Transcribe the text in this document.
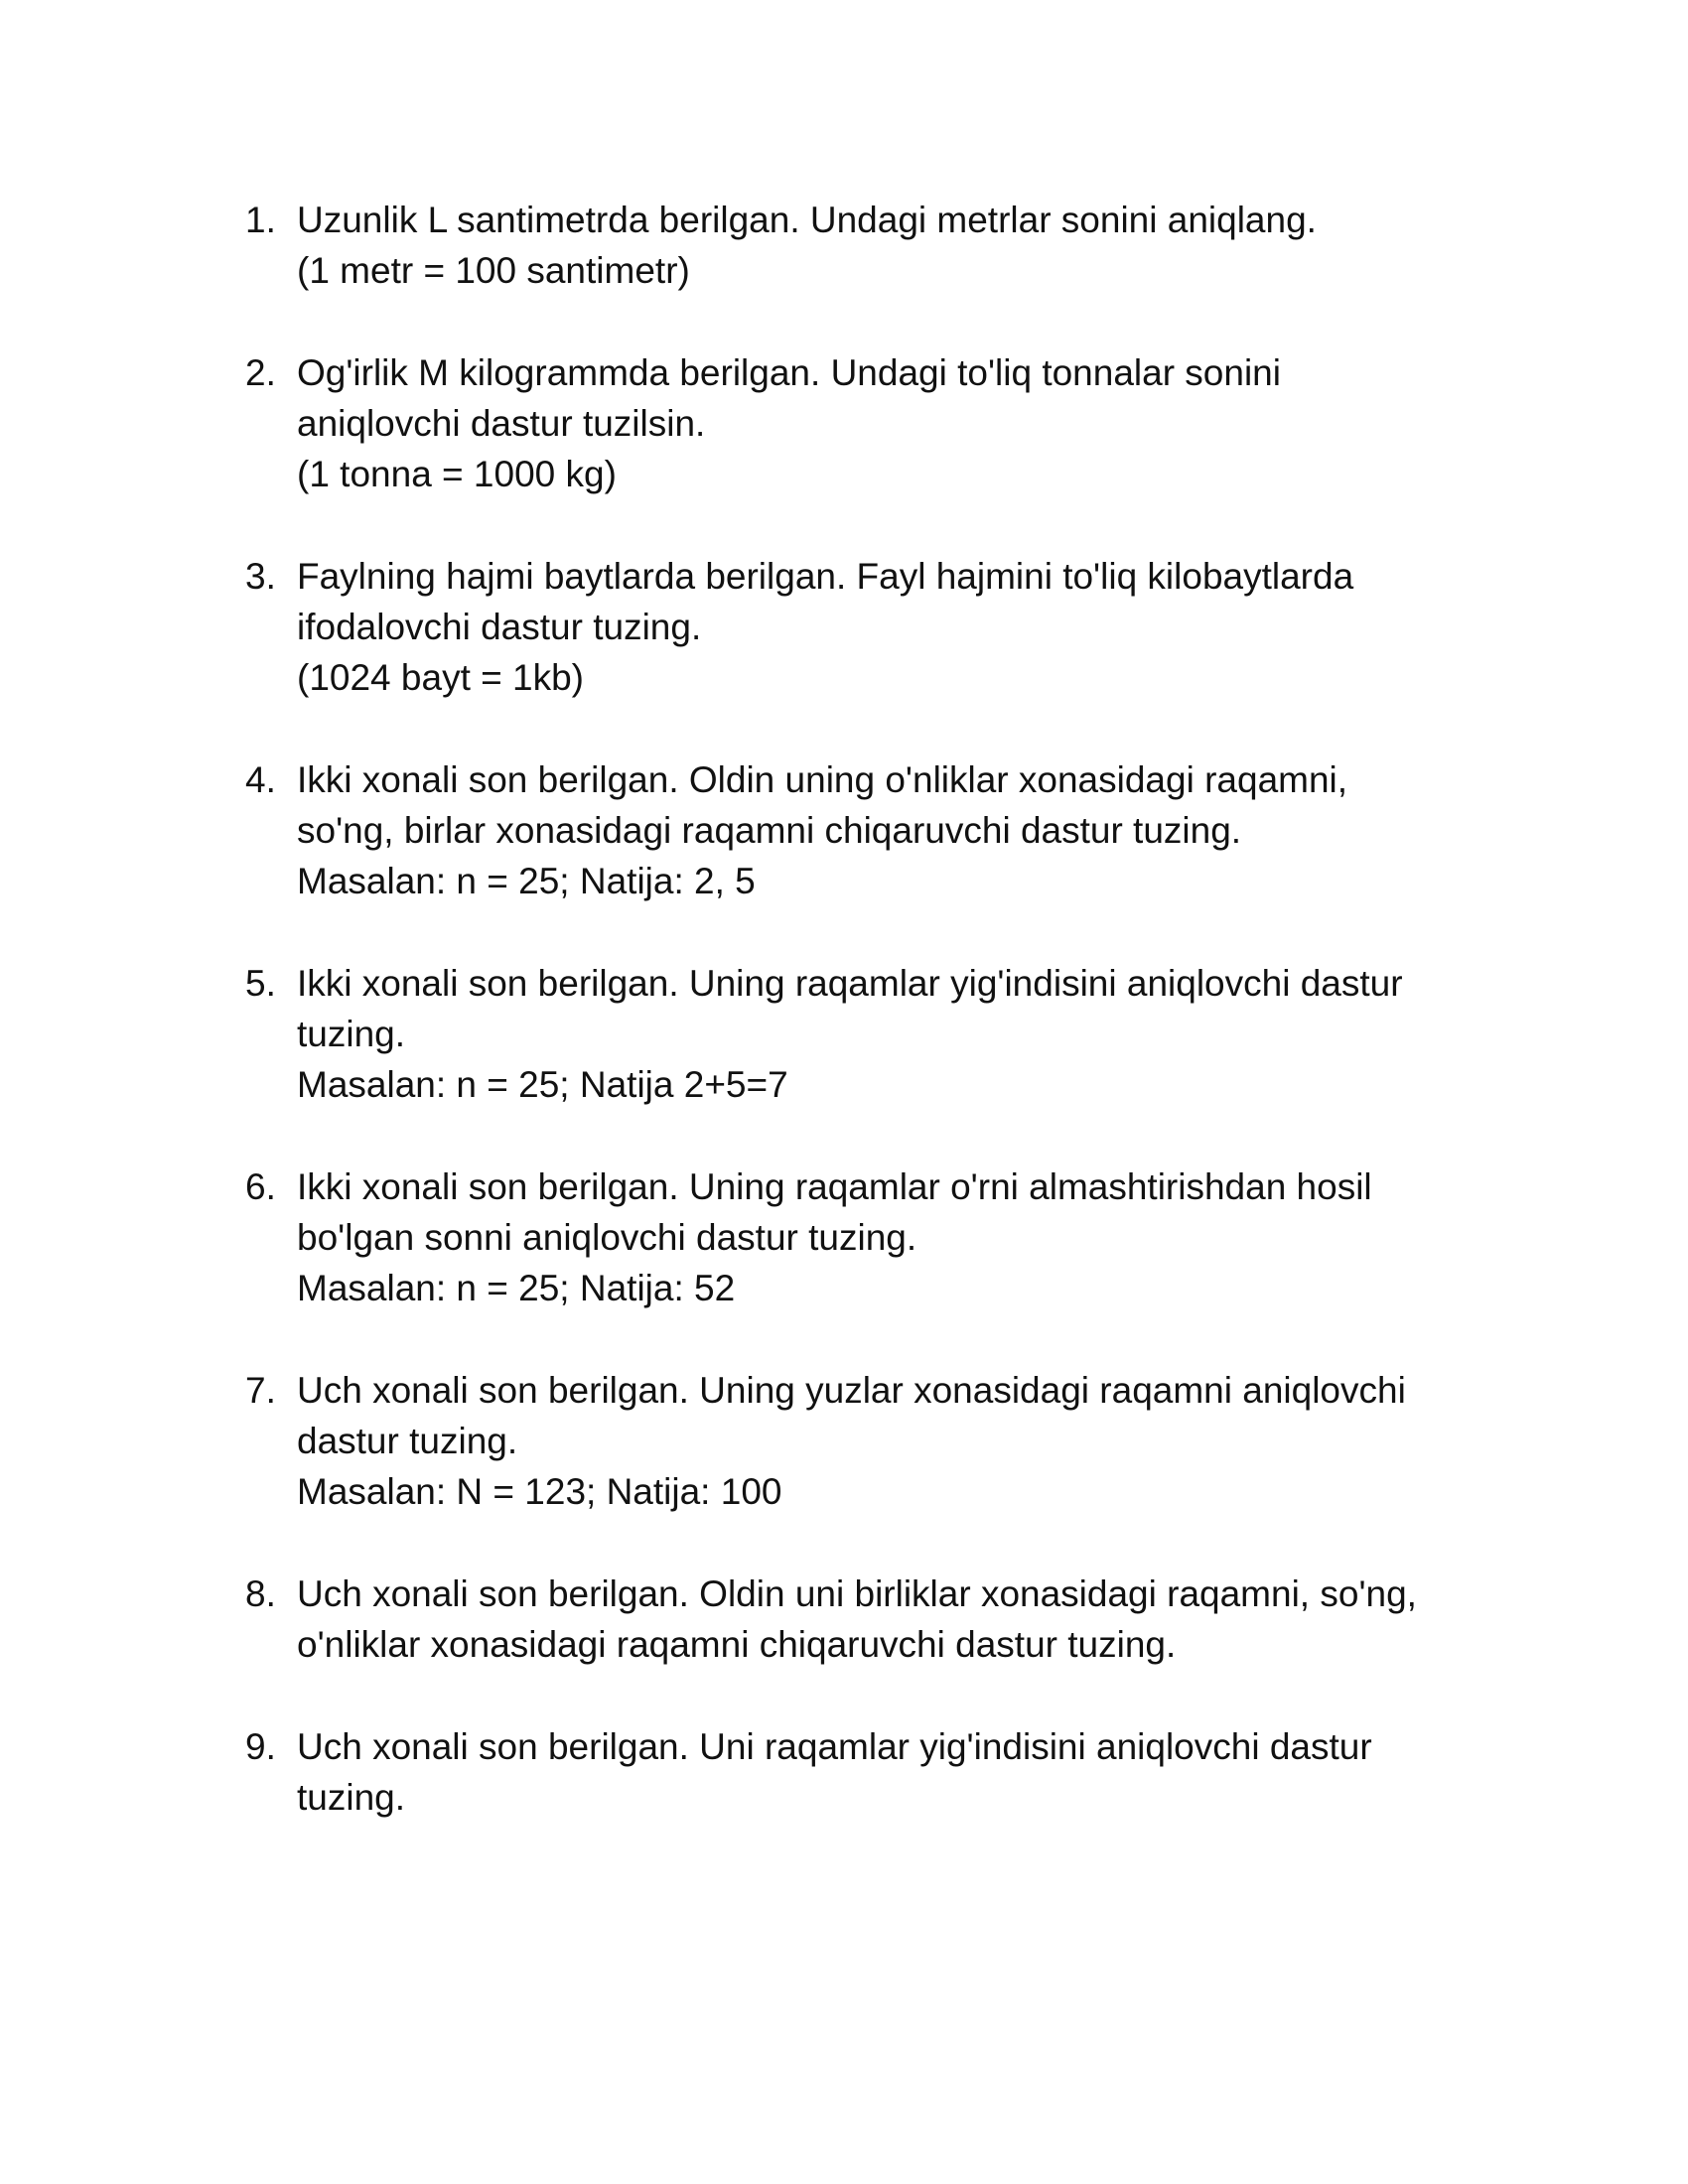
1. Uzunlik L santimetrda berilgan. Undagi metrlar sonini aniqlang.
(1 metr = 100 santimetr)
2. Og'irlik M kilogrammda berilgan. Undagi to'liq tonnalar sonini
aniqlovchi dastur tuzilsin.
(1 tonna = 1000 kg)
3. Faylning hajmi baytlarda berilgan. Fayl hajmini to'liq kilobaytlarda
ifodalovchi dastur tuzing.
(1024 bayt = 1kb)
4. Ikki xonali son berilgan. Oldin uning o'nliklar xonasidagi raqamni,
so'ng, birlar xonasidagi raqamni chiqaruvchi dastur tuzing.
Masalan: n = 25; Natija: 2, 5
5. Ikki xonali son berilgan. Uning raqamlar yig'indisini aniqlovchi dastur
tuzing.
Masalan: n = 25; Natija 2+5=7
6. Ikki xonali son berilgan. Uning raqamlar o'rni almashtirishdan hosil
bo'lgan sonni aniqlovchi dastur tuzing.
Masalan: n = 25; Natija: 52
7. Uch xonali son berilgan. Uning yuzlar xonasidagi raqamni aniqlovchi
dastur tuzing.
Masalan: N = 123; Natija: 100
8. Uch xonali son berilgan. Oldin uni birliklar xonasidagi raqamni, so'ng,
o'nliklar xonasidagi raqamni chiqaruvchi dastur tuzing.
9. Uch xonali son berilgan. Uni raqamlar yig'indisini aniqlovchi dastur
tuzing.
